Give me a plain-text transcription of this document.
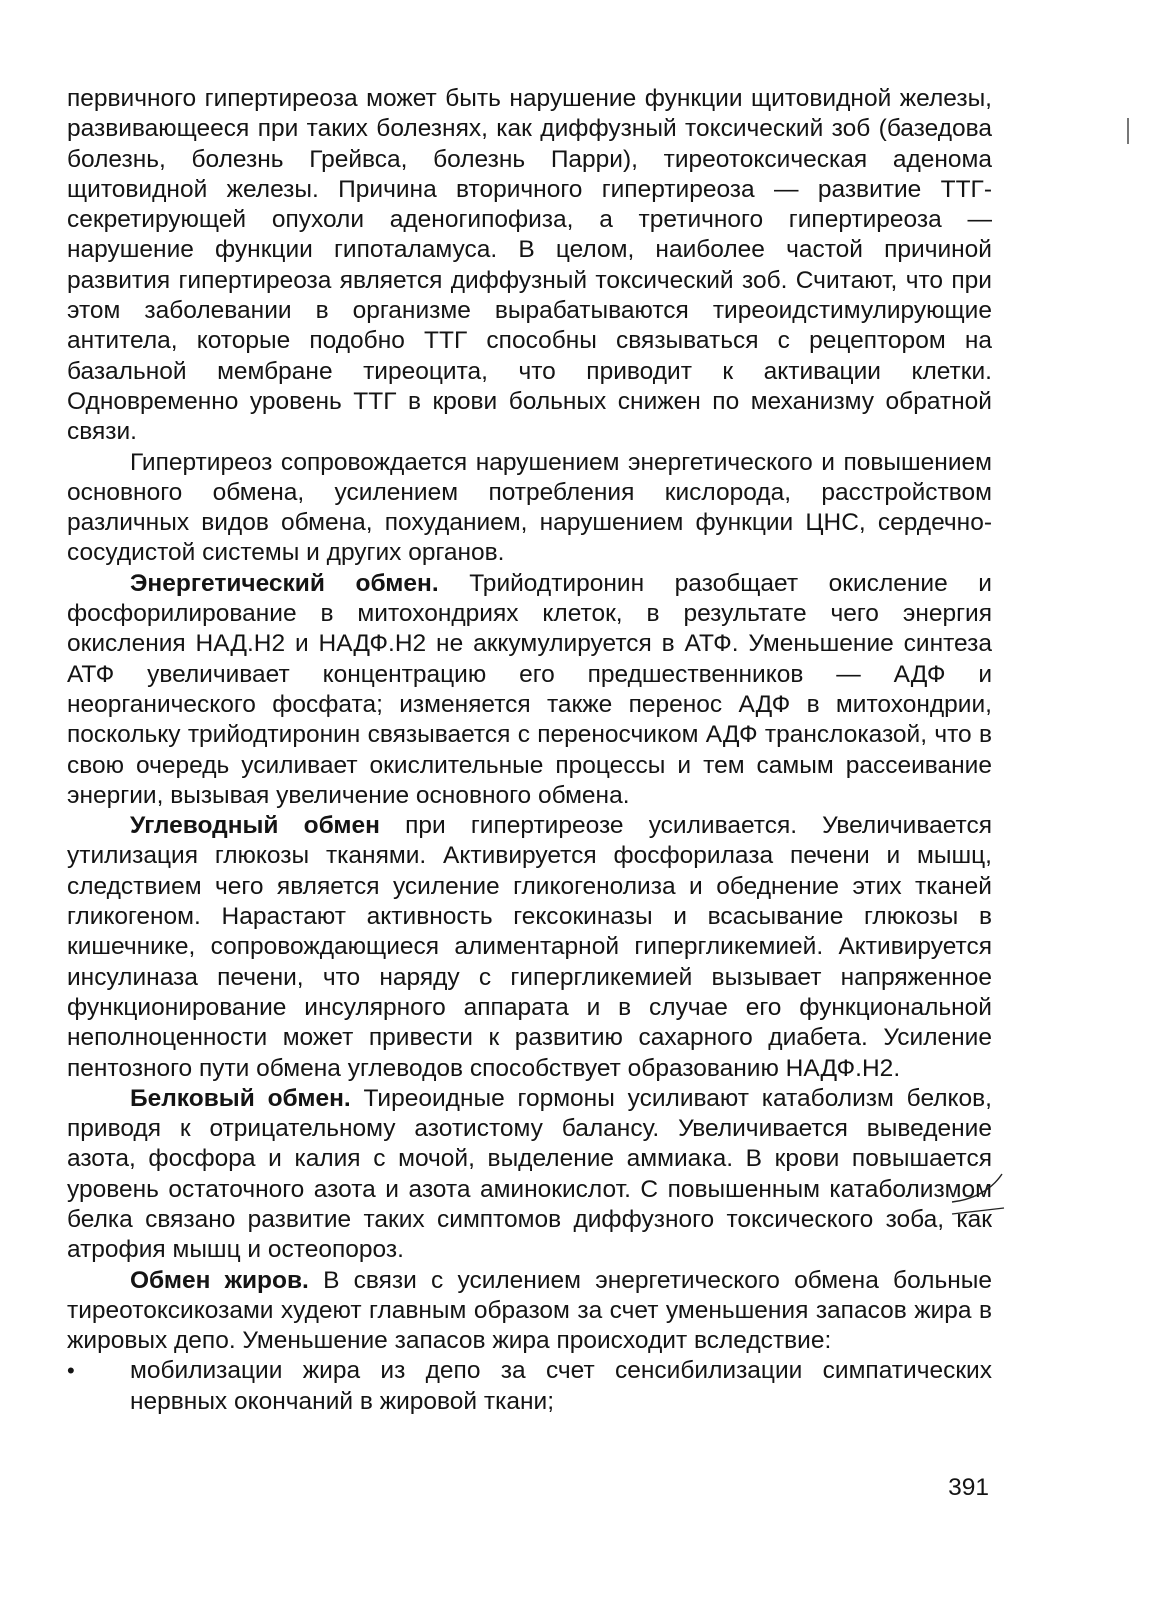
первичного гипертиреоза может быть нарушение функции щитовидной железы, развивающееся при таких болезнях, как диффузный токсический зоб (базедова болезнь, болезнь Грейвса, болезнь Парри), тиреотоксическая аденома щитовидной железы. Причина вторичного гипертиреоза — развитие ТТГ-секретирующей опухоли аденогипофиза, а третичного гипертиреоза — нарушение функции гипоталамуса. В целом, наиболее частой причиной развития гипертиреоза является диффузный токсический зоб. Считают, что при этом заболевании в организме вырабатываются тиреоидстимулирующие антитела, которые подобно ТТГ способны связываться с рецептором на базальной мембране тиреоцита, что приводит к активации клетки. Одновременно уровень ТТГ в крови больных снижен по механизму обратной связи.

Гипертиреоз сопровождается нарушением энергетического и повышением основного обмена, усилением потребления кислорода, расстройством различных видов обмена, похуданием, нарушением функции ЦНС, сердечно-сосудистой системы и других органов.

Энергетический обмен. Трийодтиронин разобщает окисление и фосфорилирование в митохондриях клеток, в результате чего энергия окисления НАД.Н2 и НАДФ.Н2 не аккумулируется в АТФ. Уменьшение синтеза АТФ увеличивает концентрацию его предшественников — АДФ и неорганического фосфата; изменяется также перенос АДФ в митохондрии, поскольку трийодтиронин связывается с переносчиком АДФ транслоказой, что в свою очередь усиливает окислительные процессы и тем самым рассеивание энергии, вызывая увеличение основного обмена.

Углеводный обмен при гипертиреозе усиливается. Увеличивается утилизация глюкозы тканями. Активируется фосфорилаза печени и мышц, следствием чего является усиление гликогенолиза и обеднение этих тканей гликогеном. Нарастают активность гексокиназы и всасывание глюкозы в кишечнике, сопровождающиеся алиментарной гипергликемией. Активируется инсулиназа печени, что наряду с гипергликемией вызывает напряженное функционирование инсулярного аппарата и в случае его функциональной неполноценности может привести к развитию сахарного диабета. Усиление пентозного пути обмена углеводов способствует образованию НАДФ.Н2.

Белковый обмен. Тиреоидные гормоны усиливают катаболизм белков, приводя к отрицательному азотистому балансу. Увеличивается выведение азота, фосфора и калия с мочой, выделение аммиака. В крови повышается уровень остаточного азота и азота аминокислот. С повышенным катаболизмом белка связано развитие таких симптомов диффузного токсического зоба, как атрофия мышц и остеопороз.

Обмен жиров. В связи с усилением энергетического обмена больные тиреотоксикозами худеют главным образом за счет уменьшения запасов жира в жировых депо. Уменьшение запасов жира происходит вследствие:

• мобилизации жира из депо за счет сенсибилизации симпатических нервных окончаний в жировой ткани;
391
